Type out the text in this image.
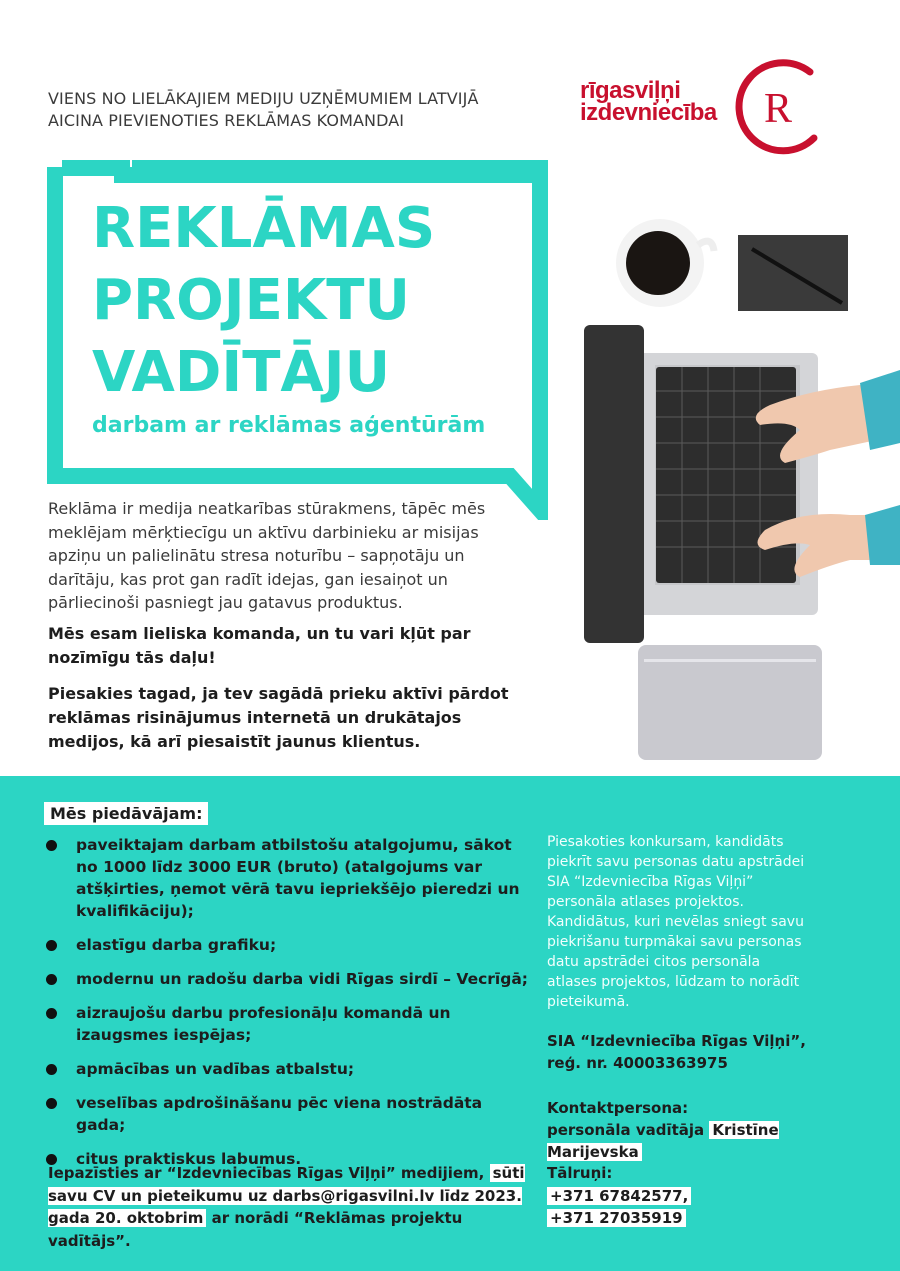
VIENS NO LIELĀKAJIEM MEDIJU UZŅĒMUMIEM LATVIJĀ
AICINA PIEVIENOTIES REKLĀMAS KOMANDAI
rīgasviļņi
izdevniecība R
REKLĀMAS
PROJEKTU
VADĪTĀJU
darbam ar reklāmas aģentūrām
Reklāma ir medija neatkarības stūrakmens, tāpēc mēs meklējam mērķtiecīgu un aktīvu darbinieku ar misijas apziņu un palielinātu stresa noturību – sapņotāju un darītāju, kas prot gan radīt idejas, gan iesaiņot un pārliecinoši pasniegt jau gatavus produktus.
Mēs esam lieliska komanda, un tu vari kļūt par nozīmīgu tās daļu!
Piesakies tagad, ja tev sagādā prieku aktīvi pārdot reklāmas risinājumus internetā un drukātajos medijos, kā arī piesaistīt jaunus klientus.
Mēs piedāvājam:
paveiktajam darbam atbilstošu atalgojumu, sākot no 1000 līdz 3000 EUR (bruto) (atalgojums var atšķirties, ņemot vērā tavu iepriekšējo pieredzi un kvalifikāciju);
elastīgu darba grafiku;
modernu un radošu darba vidi Rīgas sirdī – Vecrīgā;
aizraujošu darbu profesionāļu komandā un izaugsmes iespējas;
apmācības un vadības atbalstu;
veselības apdrošināšanu pēc viena nostrādāta gada;
citus praktiskus labumus.
Piesakoties konkursam, kandidāts piekrīt savu personas datu apstrādei SIA “Izdevniecība Rīgas Viļņi” personāla atlases projektos. Kandidātus, kuri nevēlas sniegt savu piekrišanu turpmākai savu personas datu apstrādei citos personāla atlases projektos, lūdzam to norādīt pieteikumā.
SIA “Izdevniecība Rīgas Viļņi”,
reģ. nr. 40003363975
Kontaktpersona:
personāla vadītāja Kristīne Marijevska
Iepazīsties ar “Izdevniecības Rīgas Viļņi” medijiem, sūti savu CV un pieteikumu uz darbs@rigasvilni.lv līdz 2023. gada 20. oktobrim ar norādi “Reklāmas projektu vadītājs”.
Tālruņi:
+371 67842577,
+371 27035919
